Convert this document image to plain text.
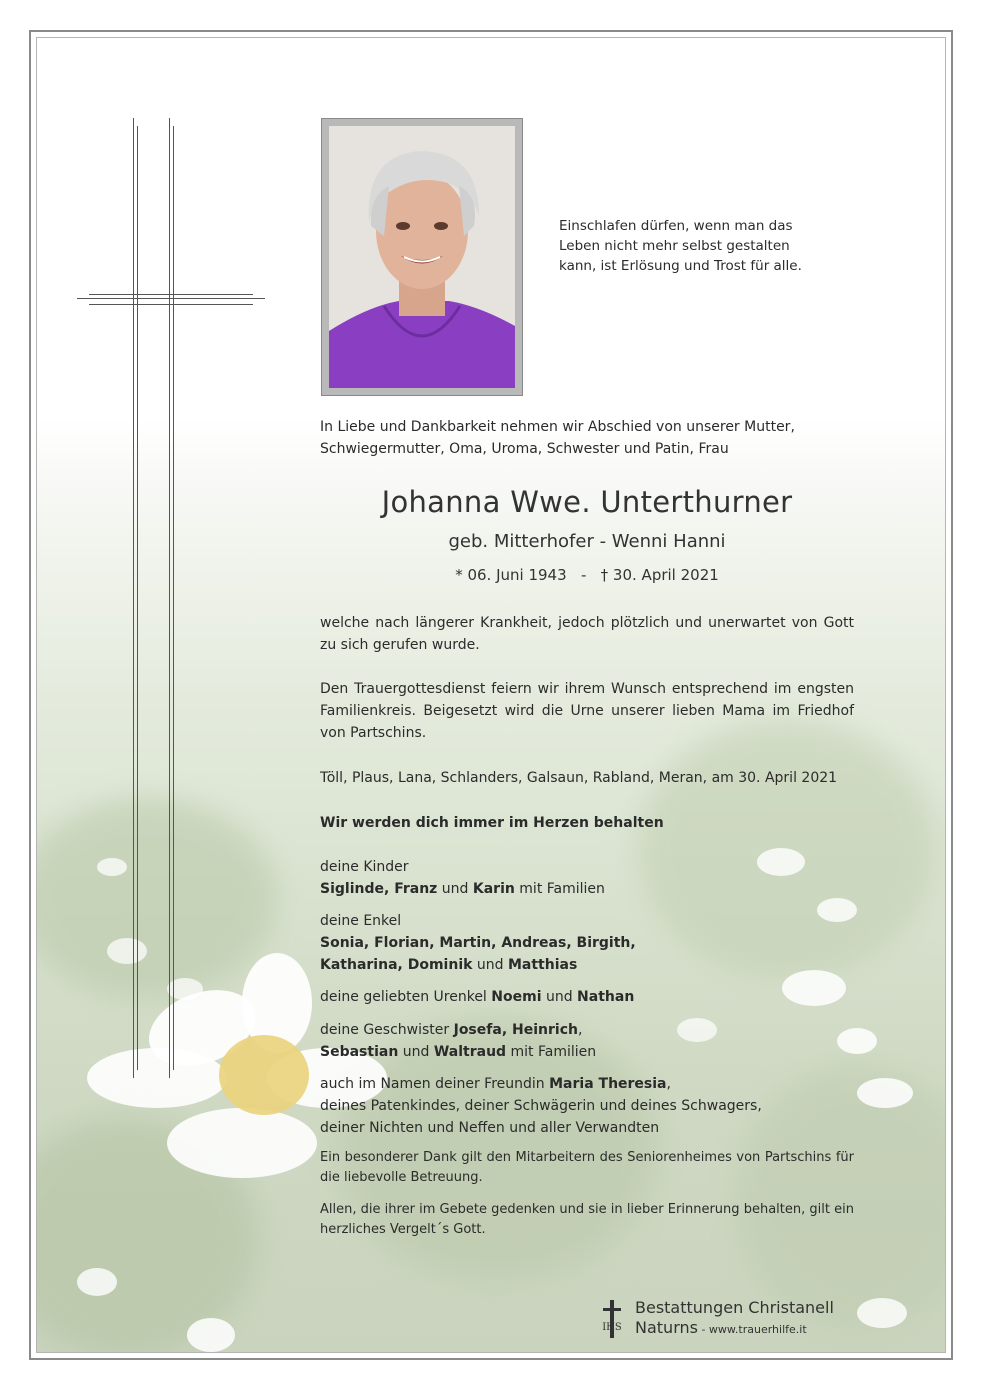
Einschlafen dürfen, wenn man das
Leben nicht mehr selbst gestalten
kann, ist Erlösung und Trost für alle.
In Liebe und Dankbarkeit nehmen wir Abschied von unserer Mutter,
Schwiegermutter, Oma, Uroma, Schwester und Patin, Frau
Johanna Wwe. Unterthurner
geb. Mitterhofer - Wenni Hanni
* 06. Juni 1943   -   † 30. April 2021
welche nach längerer Krankheit, jedoch plötzlich und unerwartet von Gott zu sich gerufen wurde.
Den Trauergottesdienst feiern wir ihrem Wunsch entsprechend im engsten Familienkreis. Beigesetzt wird die Urne unserer lieben Mama im Friedhof von Partschins.
Töll, Plaus, Lana, Schlanders, Galsaun, Rabland, Meran, am 30. April 2021
Wir werden dich immer im Herzen behalten
deine Kinder
Siglinde, Franz und Karin mit Familien
deine Enkel
Sonia, Florian, Martin, Andreas, Birgith,
Katharina, Dominik und Matthias
deine geliebten Urenkel Noemi und Nathan
deine Geschwister Josefa, Heinrich,
Sebastian und Waltraud mit Familien
auch im Namen deiner Freundin Maria Theresia,
deines Patenkindes, deiner Schwägerin und deines Schwagers,
deiner Nichten und Neffen und aller Verwandten
Ein besonderer Dank gilt den Mitarbeitern des Seniorenheimes von Partschins für die liebevolle Betreuung.
Allen, die ihrer im Gebete gedenken und sie in lieber Erinnerung behalten, gilt ein herzliches Vergelt´s Gott.
IHS
Bestattungen Christanell
Naturns - www.trauerhilfe.it
